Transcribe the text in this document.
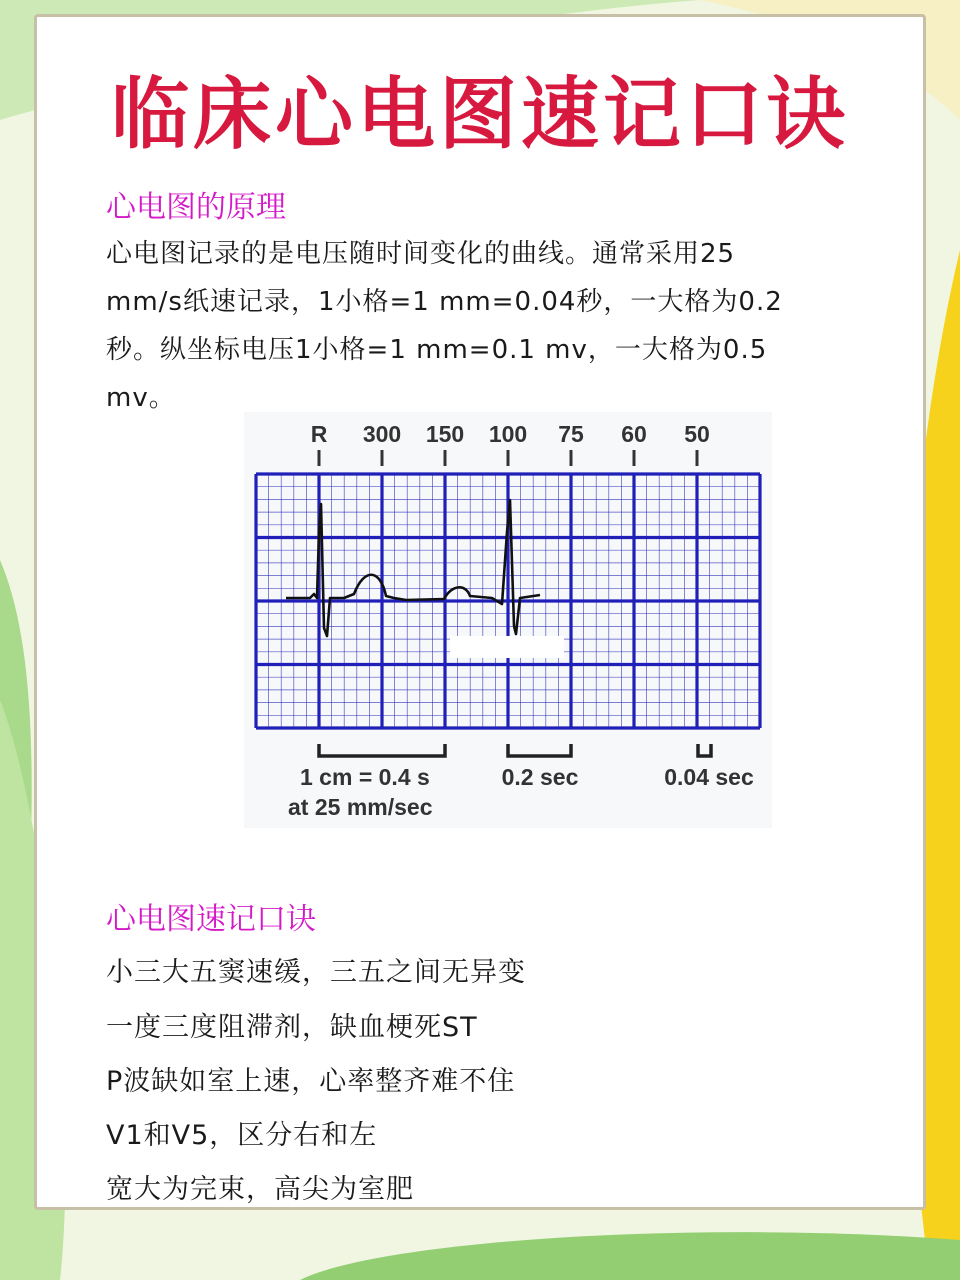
临床心电图速记口诀
心电图的原理
心电图记录的是电压随时间变化的曲线。通常采用25
mm/s纸速记录，1小格=1 mm=0.04秒，一大格为0.2
秒。纵坐标电压1小格=1 mm=0.1 mv，一大格为0.5
mv。
R 300 150 100 75 60 50
1 cm = 0.4 s
at 25 mm/sec
0.2 sec	0.04 sec
心电图速记口诀
小三大五窦速缓，三五之间无异变
一度三度阻滞剂，缺血梗死ST
P波缺如室上速，心率整齐难不住
V1和V5，区分右和左
宽大为完束，高尖为室肥
